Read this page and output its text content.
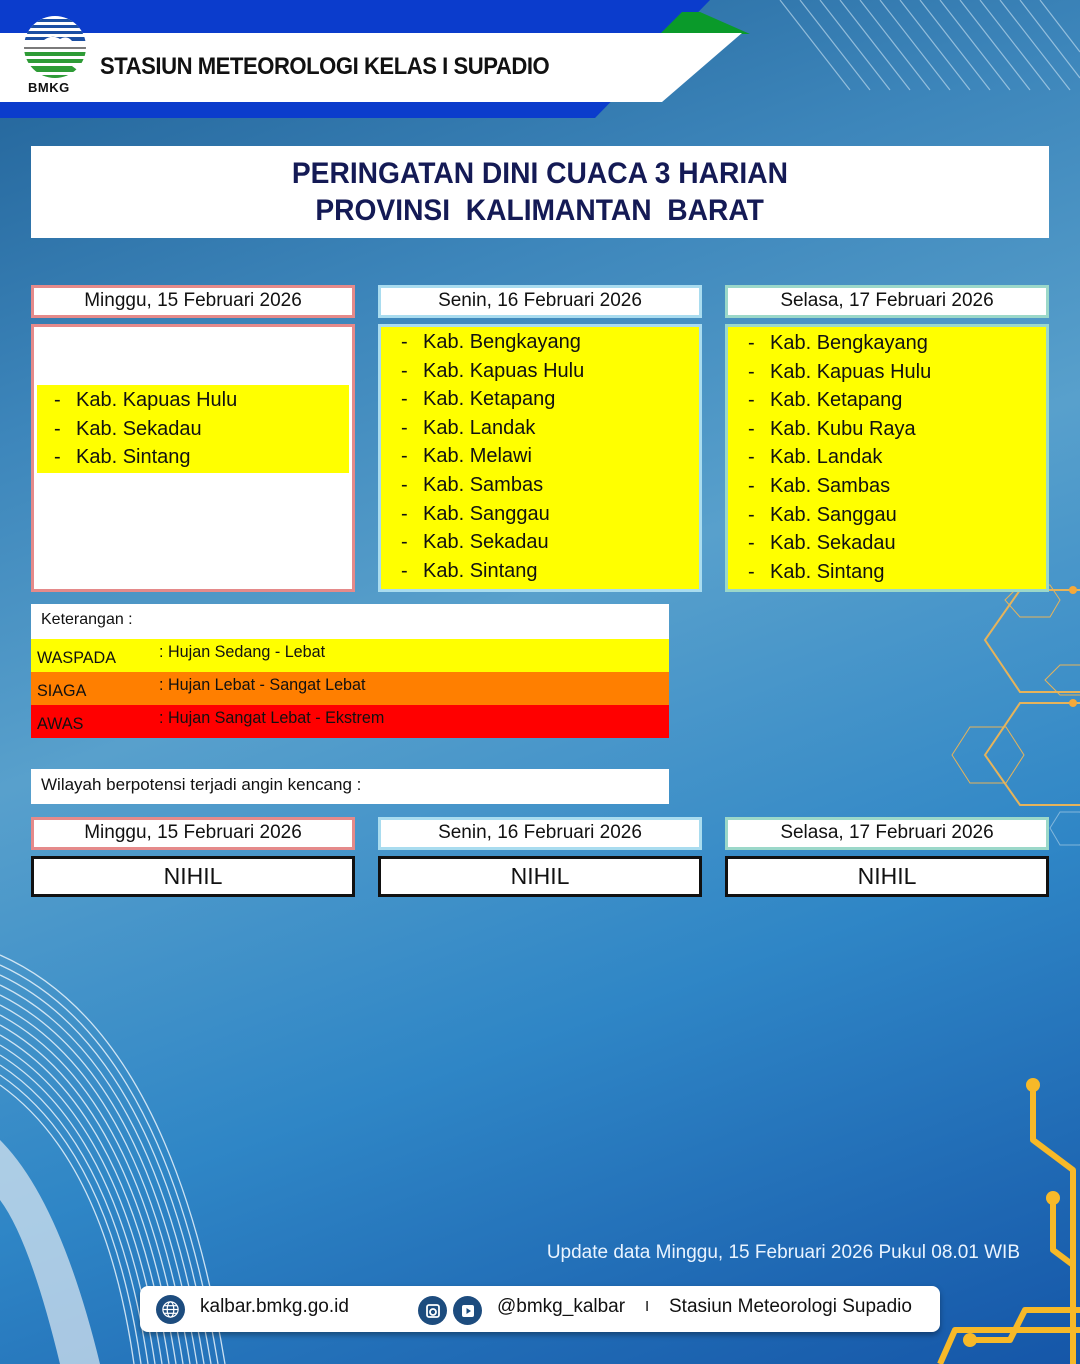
BMKG
STASIUN METEOROLOGI KELAS I SUPADIO
PERINGATAN DINI CUACA 3 HARIAN
PROVINSI  KALIMANTAN  BARAT
Minggu, 15 Februari 2026
- Kab. Kapuas Hulu
- Kab. Sekadau
- Kab. Sintang
Senin, 16 Februari 2026
- Kab. Bengkayang
- Kab. Kapuas Hulu
- Kab. Ketapang
- Kab. Landak
- Kab. Melawi
- Kab. Sambas
- Kab. Sanggau
- Kab. Sekadau
- Kab. Sintang
Selasa, 17 Februari 2026
- Kab. Bengkayang
- Kab. Kapuas Hulu
- Kab. Ketapang
- Kab. Kubu Raya
- Kab. Landak
- Kab. Sambas
- Kab. Sanggau
- Kab. Sekadau
- Kab. Sintang
Keterangan :
WASPADA	: Hujan Sedang - Lebat
SIAGA	: Hujan Lebat - Sangat Lebat
AWAS	: Hujan Sangat Lebat - Ekstrem
Wilayah berpotensi terjadi angin kencang :
Minggu, 15 Februari 2026
NIHIL
Senin, 16 Februari 2026
NIHIL
Selasa, 17 Februari 2026
NIHIL
Update data Minggu, 15 Februari 2026 Pukul 08.01 WIB
kalbar.bmkg.go.id	@bmkg_kalbar I Stasiun Meteorologi Supadio
